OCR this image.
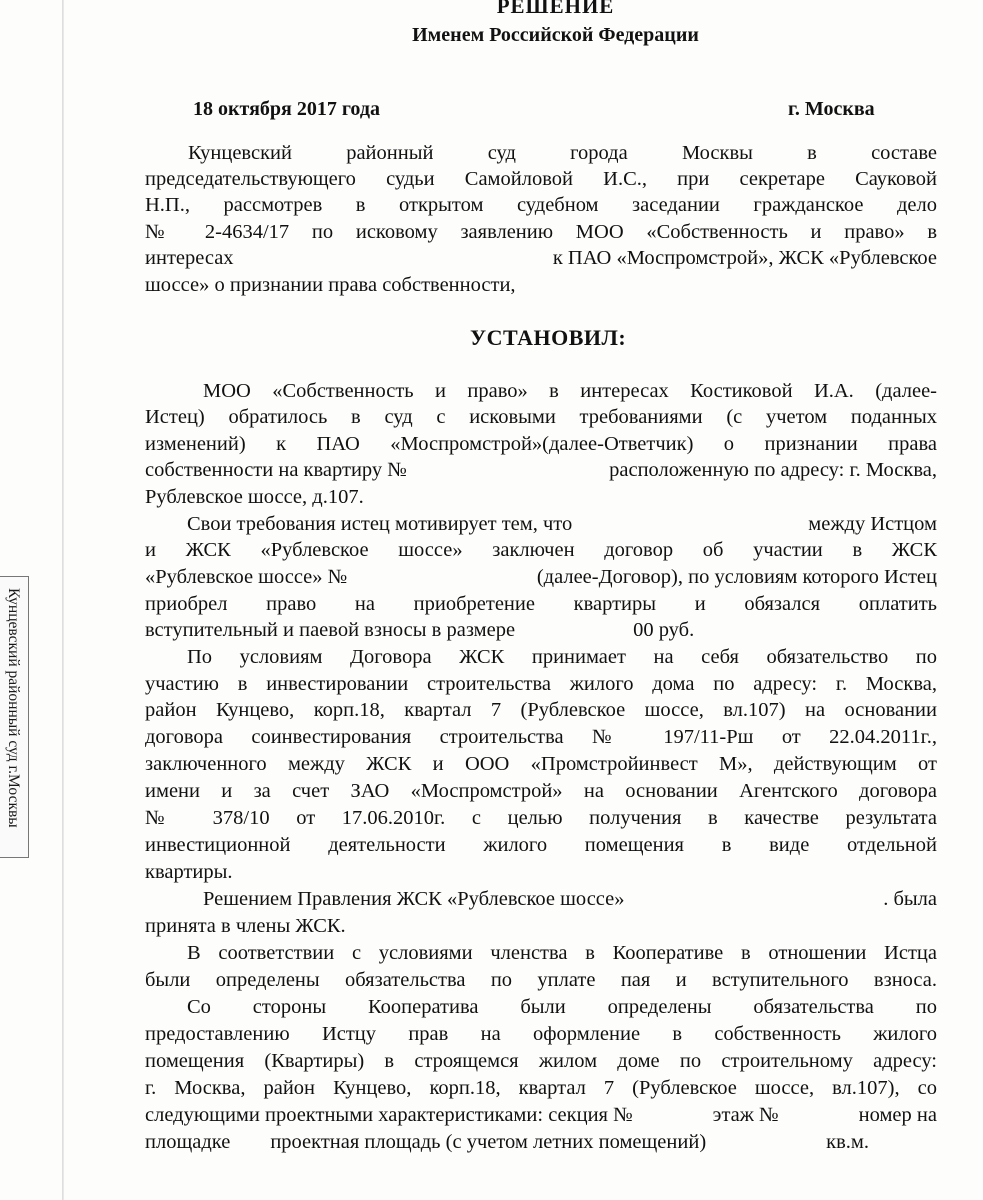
Кунцевский районный суд г.Москвы
РЕШЕНИЕ
Именем Российской Федерации
18 октября 2017 года	г. Москва
Кунцевский	районный	суд	города	Москвы	в	составе
председательствующего судьи Самойловой И.С., при секретаре Сауковой
Н.П., рассмотрев в открытом судебном заседании гражданское дело
№ 2-4634/17 по исковому заявлению МОО «Собственность и право» в
интересах	к ПАО «Моспромстрой», ЖСК «Рублевское
шоссе» о признании права собственности,
УСТАНОВИЛ:
МОО «Собственность и право» в интересах Костиковой И.А. (далее-
Истец) обратилось в суд с исковыми требованиями (с учетом поданных
изменений) к ПАО «Моспромстрой»(далее-Ответчик) о признании права
собственности на квартиру №	расположенную по адресу: г. Москва,
Рублевское шоссе, д.107.
Свои требования истец мотивирует тем, что	между Истцом
и ЖСК «Рублевское шоссе» заключен договор об участии в ЖСК
«Рублевское шоссе» №	(далее-Договор), по условиям которого Истец
приобрел право на приобретение квартиры и обязался оплатить
вступительный и паевой взносы в размере	00 руб.
По условиям Договора ЖСК принимает на себя обязательство по
участию в инвестировании строительства жилого дома по адресу: г. Москва,
район Кунцево, корп.18, квартал 7 (Рублевское шоссе, вл.107) на основании
договора соинвестирования строительства № 197/11-Рш от 22.04.2011г.,
заключенного между ЖСК и ООО «Промстройинвест М», действующим от
имени и за счет ЗАО «Моспромстрой» на основании Агентского договора
№ 378/10 от 17.06.2010г. с целью получения в качестве результата
инвестиционной деятельности жилого помещения в виде отдельной
квартиры.
Решением Правления ЖСК «Рублевское шоссе»	. была
принята в члены ЖСК.
В соответствии с условиями членства в Кооперативе в отношении Истца
были определены обязательства по уплате пая и вступительного взноса.
Со стороны Кооператива были определены обязательства по
предоставлению Истцу прав на оформление в собственность жилого
помещения (Квартиры) в строящемся жилом доме по строительному адресу:
г. Москва, район Кунцево, корп.18, квартал 7 (Рублевское шоссе, вл.107), со
следующими проектными характеристиками: секция №	этаж №	номер на
площадке проектная площадь (с учетом летних помещений)	кв.м.
